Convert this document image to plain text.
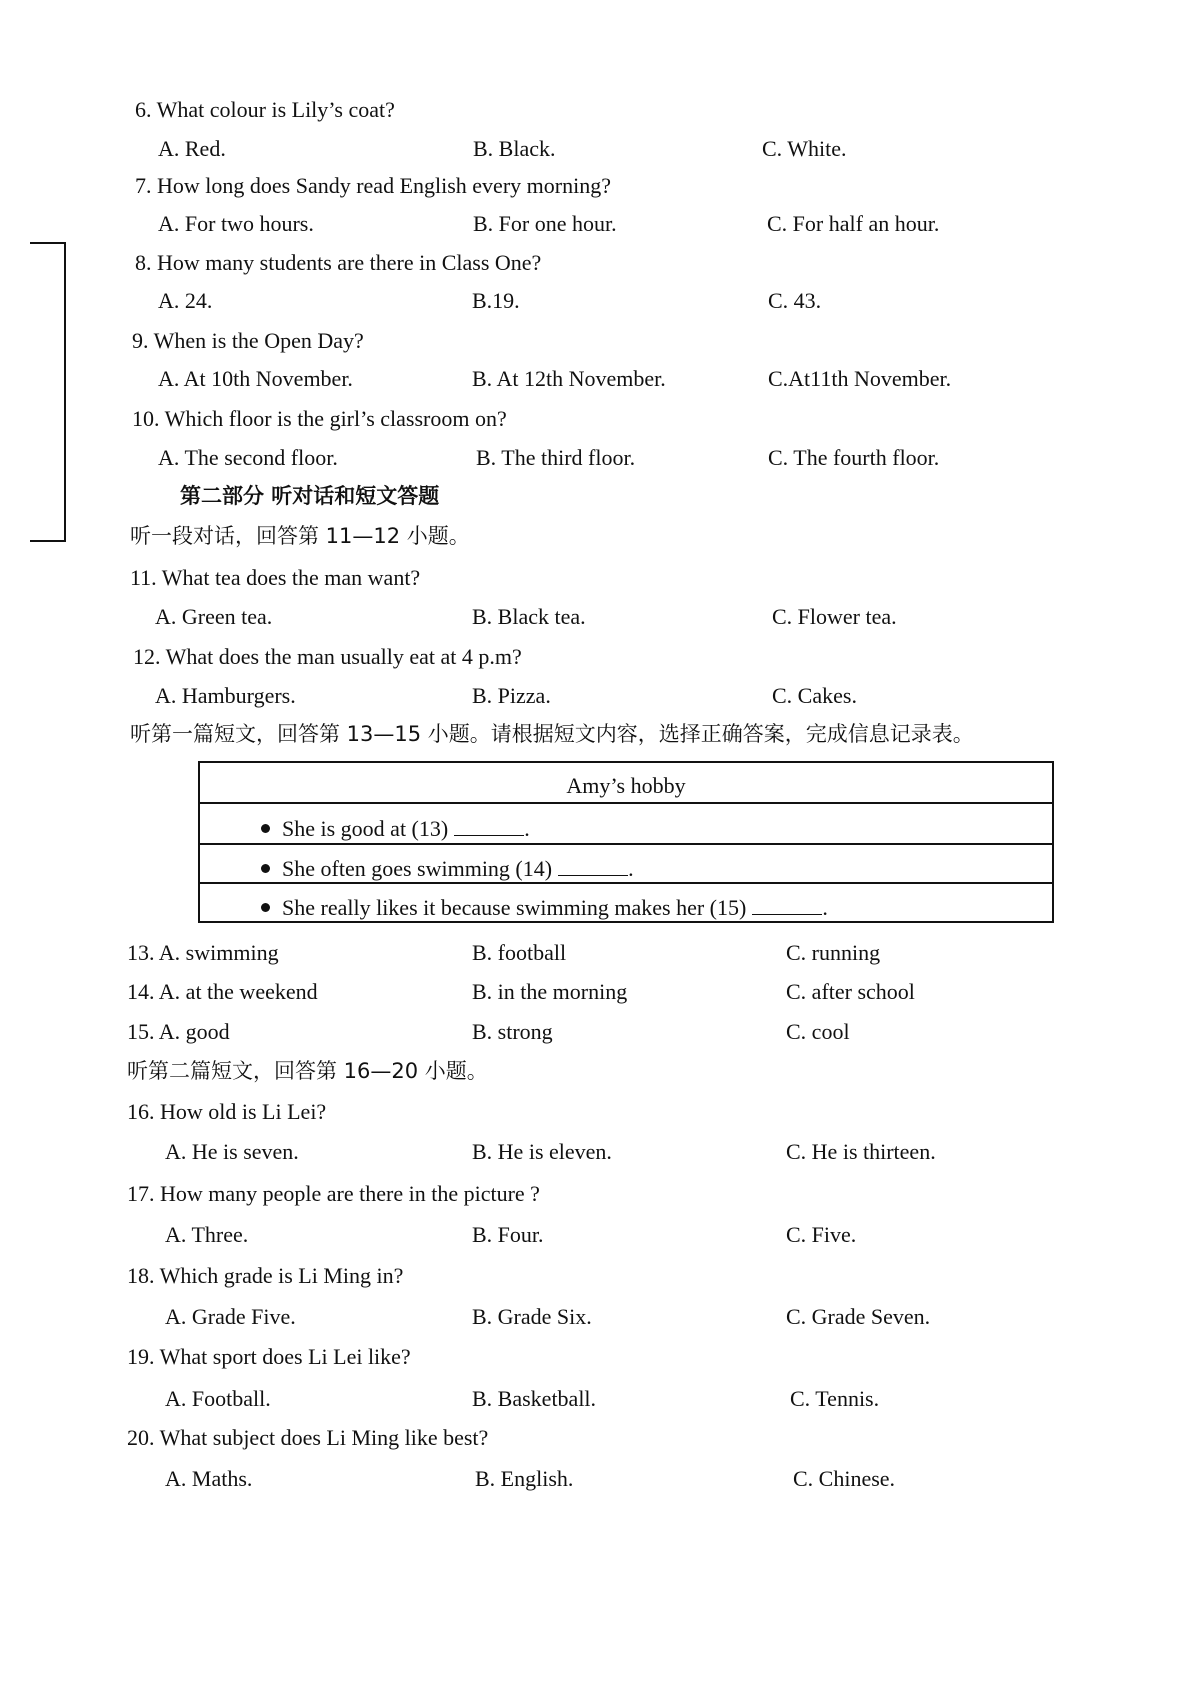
6. What colour is Lily’s coat?
A. Red.	B. Black.	C. White.
7. How long does Sandy read English every morning?
A. For two hours.	B. For one hour.	C. For half an hour.
8. How many students are there in Class One?
A. 24.	B.19.	C. 43.
9. When is the Open Day?
A. At 10th November.	B. At 12th November.	C.At11th November.
10. Which floor is the girl’s classroom on?
A. The second floor.	B. The third floor.	C. The fourth floor.
第二部分 听对话和短文答题
听一段对话，回答第 11—12 小题。
11. What tea does the man want?
A. Green tea.	B. Black tea.	C. Flower tea.
12. What does the man usually eat at 4 p.m?
A. Hamburgers.	B. Pizza.	C. Cakes.
听第一篇短文，回答第 13—15 小题。请根据短文内容，选择正确答案，完成信息记录表。
Amy’s hobby
She is good at (13)	.
She often goes swimming (14)	.
She really likes it because swimming makes her (15)	.
13. A. swimming	B. football	C. running
14. A. at the weekend	B. in the morning	C. after school
15. A. good	B. strong	C. cool
听第二篇短文，回答第 16—20 小题。
16. How old is Li Lei?
A. He is seven.	B. He is eleven.	C. He is thirteen.
17. How many people are there in the picture ?
A. Three.	B. Four.	C. Five.
18. Which grade is Li Ming in?
A. Grade Five.	B. Grade Six.	C. Grade Seven.
19. What sport does Li Lei like?
A. Football.	B. Basketball.	C. Tennis.
20. What subject does Li Ming like best?
A. Maths.	B. English.	C. Chinese.
